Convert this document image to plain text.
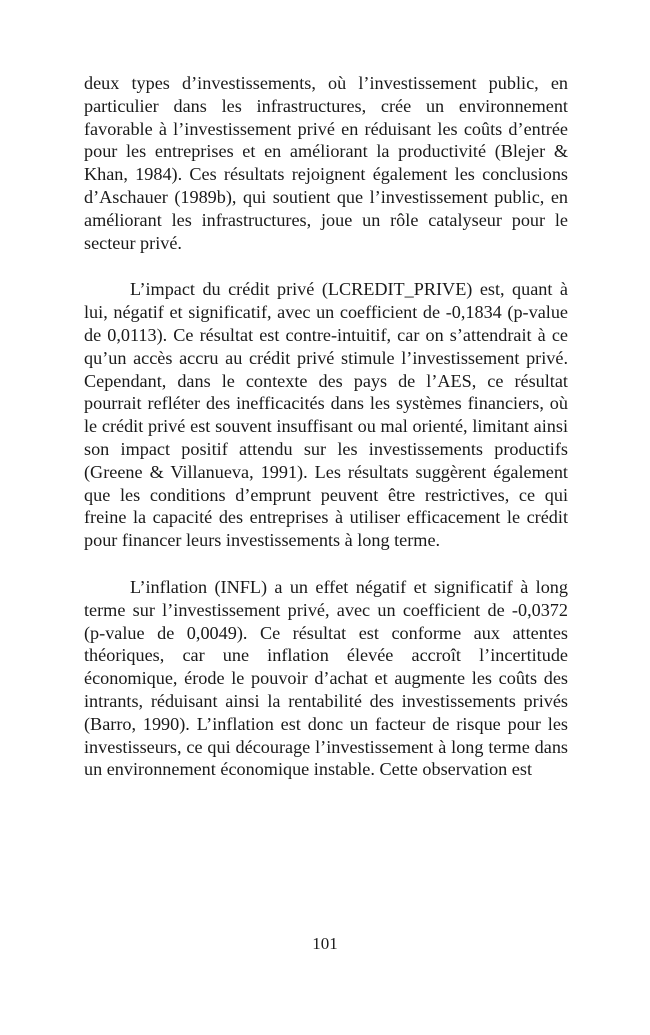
deux types d’investissements, où l’investissement public, en particulier dans les infrastructures, crée un environnement favorable à l’investissement privé en réduisant les coûts d’entrée pour les entreprises et en améliorant la productivité (Blejer & Khan, 1984). Ces résultats rejoignent également les conclusions d’Aschauer (1989b), qui soutient que l’investissement public, en améliorant les infrastructures, joue un rôle catalyseur pour le secteur privé.

L’impact du crédit privé (LCREDIT_PRIVE) est, quant à lui, négatif et significatif, avec un coefficient de -0,1834 (p-value de 0,0113). Ce résultat est contre-intuitif, car on s’attendrait à ce qu’un accès accru au crédit privé stimule l’investissement privé. Cependant, dans le contexte des pays de l’AES, ce résultat pourrait refléter des inefficacités dans les systèmes financiers, où le crédit privé est souvent insuffisant ou mal orienté, limitant ainsi son impact positif attendu sur les investissements productifs (Greene & Villanueva, 1991). Les résultats suggèrent également que les conditions d’emprunt peuvent être restrictives, ce qui freine la capacité des entreprises à utiliser efficacement le crédit pour financer leurs investissements à long terme.

L’inflation (INFL) a un effet négatif et significatif à long terme sur l’investissement privé, avec un coefficient de -0,0372 (p-value de 0,0049). Ce résultat est conforme aux attentes théoriques, car une inflation élevée accroît l’incertitude économique, érode le pouvoir d’achat et augmente les coûts des intrants, réduisant ainsi la rentabilité des investissements privés (Barro, 1990). L’inflation est donc un facteur de risque pour les investisseurs, ce qui décourage l’investissement à long terme dans un environnement économique instable. Cette observation est

101
